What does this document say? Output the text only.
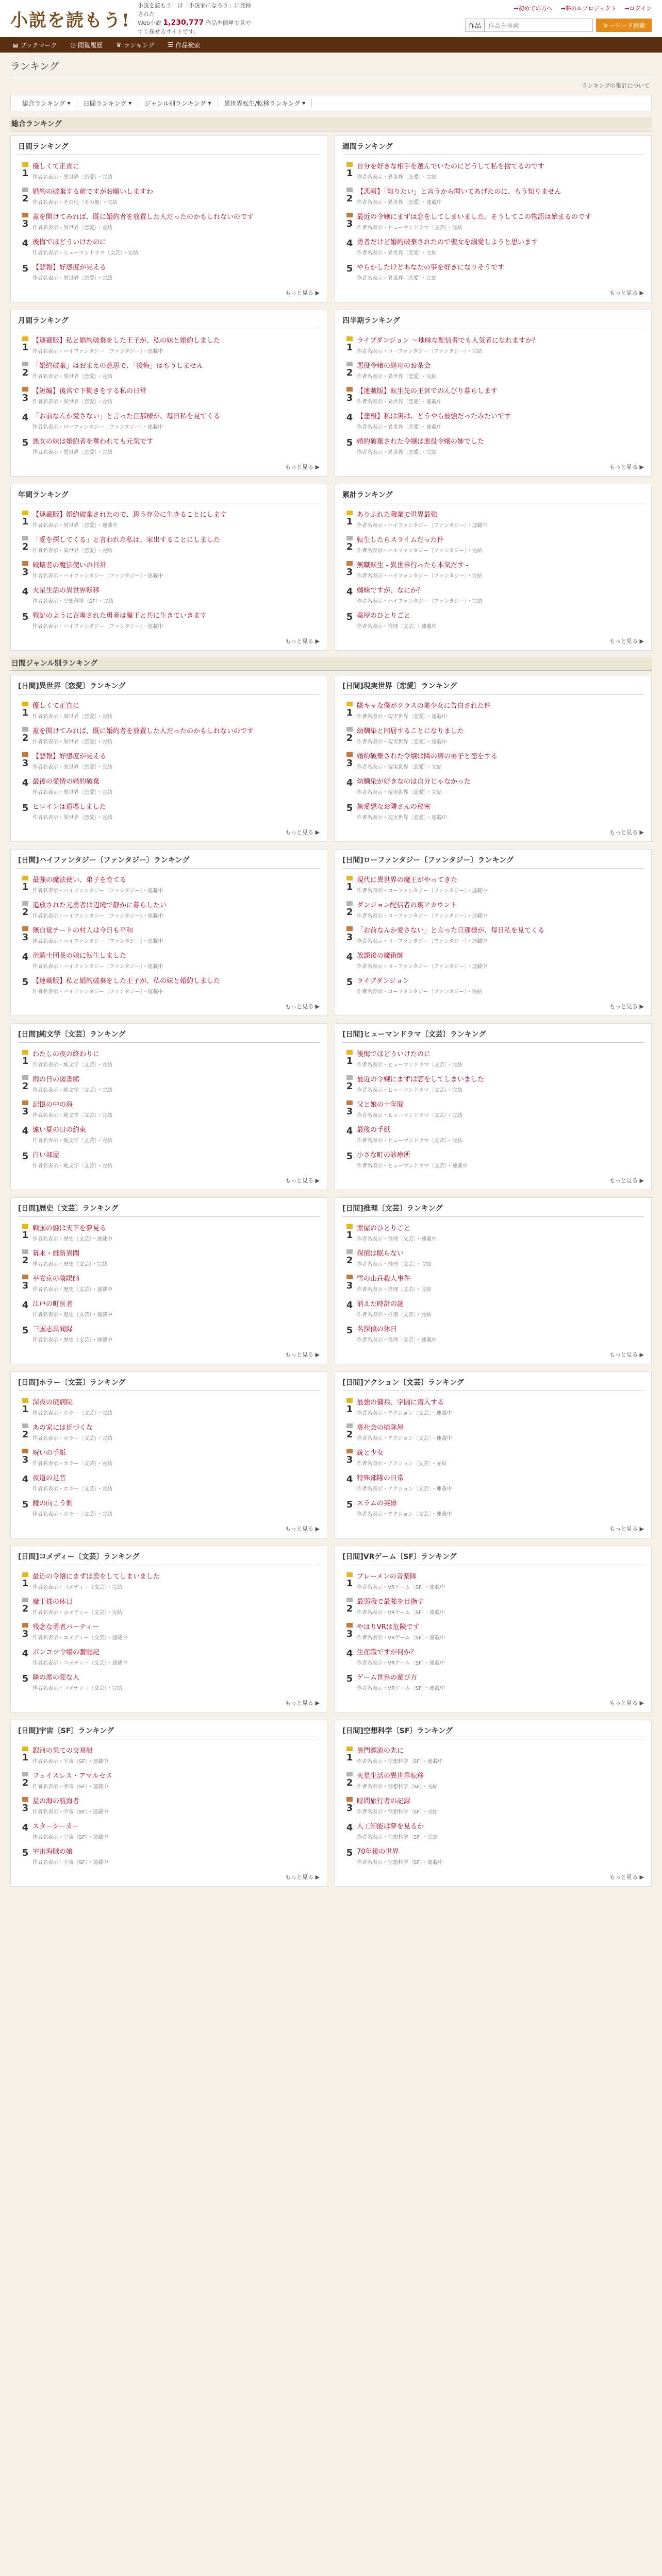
小説を読もう!
小説を読もう！は「小説家になろう」に登録された
Web小説 1,230,777 作品を簡単で見やすく探せるサイトです。
→初めての方へ →夢のルプロジェクト →ログイン
作品	作品を検索	キーワード検索
▤ ブックマーク ◷ 閲覧履歴 ♛ ランキング ☰ 作品検索
ランキング
ランキングの集計について
総合ランキング ▾ 日間ランキング ▾ ジャンル別ランキング ▾ 異世界転生/転移ランキング ▾
総合ランキング
日間ランキング
1
優しくて正直に
作者名表示・異世界〔恋愛〕・完結
2
婚約の破棄する前ですがお願いしますわ
作者名表示・その他〔その他〕・完結
3
蓋を開けてみれば、既に婚約者を放置した人だったのかもしれないのです
作者名表示・異世界〔恋愛〕・完結
4 後悔でほどういけたのに
作者名表示・ヒューマンドラマ〔文芸〕・完結
5 【悲報】好感度が見える
作者名表示・異世界〔恋愛〕・完結
もっと見る ▶
週間ランキング
1
自分を好きな相手を選んでいたのにどうして私を捨てるのです
作者名表示・異世界〔恋愛〕・完結
2
【悲報】「知りたい」と言うから聞いてあげたのに、もう知りません
作者名表示・異世界〔恋愛〕・連載中
3
最近の令嬢にまずは恋をしてしまいました。そうしてこの物語は始まるのです
作者名表示・ヒューマンドラマ〔文芸〕・完結
4 勇者だけど婚約破棄されたので聖女を溺愛しようと思います
作者名表示・異世界〔恋愛〕・完結
5 やらかしたけどあなたの事を好きになりそうです
作者名表示・異世界〔恋愛〕・完結
もっと見る ▶
月間ランキング
1
【連載版】私と婚約破棄をした王子が、私の妹と婚約しました
作者名表示・ハイファンタジー〔ファンタジー〕・連載中
2
「婚約破棄」はおまえの意思で、「後悔」はもうしません
作者名表示・異世界〔恋愛〕・完結
3
【短編】後宮で下働きをする私の日常
作者名表示・異世界〔恋愛〕・完結
4 「お前なんか愛さない」と言った旦那様が、毎日私を見てくる
作者名表示・ローファンタジー〔ファンタジー〕・連載中
5 悪女の妹は婚約者を奪われても元気です
作者名表示・異世界〔恋愛〕・完結
もっと見る ▶
四半期ランキング
1
ライブダンジョン ～地味な配信者でも人気者になれますか？
作者名表示・ローファンタジー〔ファンタジー〕・完結
2
悪役令嬢の継母のお茶会
作者名表示・異世界〔恋愛〕・完結
3
【連載版】転生先の王宮でのんびり暮らします
作者名表示・異世界〔恋愛〕・連載中
4 【悲報】私は実は、どうやら最強だったみたいです
作者名表示・異世界〔恋愛〕・連載中
5 婚約破棄された令嬢は悪役令嬢の姉でした
作者名表示・異世界〔恋愛〕・完結
もっと見る ▶
年間ランキング
1
【連載版】婚約破棄されたので、思う存分に生きることにします
作者名表示・異世界〔恋愛〕・連載中
2
「愛を探してくる」と言われた私は、家出することにしました
作者名表示・異世界〔恋愛〕・完結
3
破壊者の魔法使いの日常
作者名表示・ハイファンタジー〔ファンタジー〕・連載中
4 火星生活の異世界転移
作者名表示・空想科学〔SF〕・完結
5 戦記のように召喚された勇者は魔王と共に生きていきます
作者名表示・ハイファンタジー〔ファンタジー〕・連載中
もっと見る ▶
累計ランキング
1
ありふれた職業で世界最強
作者名表示・ハイファンタジー〔ファンタジー〕・連載中
2
転生したらスライムだった件
作者名表示・ハイファンタジー〔ファンタジー〕・完結
3
無職転生 - 異世界行ったら本気だす -
作者名表示・ハイファンタジー〔ファンタジー〕・完結
4 蜘蛛ですが、なにか？
作者名表示・ハイファンタジー〔ファンタジー〕・完結
5 薬屋のひとりごと
作者名表示・推理〔文芸〕・連載中
もっと見る ▶
日間ジャンル別ランキング
[日間]異世界〔恋愛〕ランキング
1
優しくて正直に
作者名表示・異世界〔恋愛〕・完結
2
蓋を開けてみれば、既に婚約者を放置した人だったのかもしれないのです
作者名表示・異世界〔恋愛〕・完結
3
【悲報】好感度が見える
作者名表示・異世界〔恋愛〕・完結
4 最後の愛情の婚約破棄
作者名表示・異世界〔恋愛〕・完結
5 ヒロインは退場しました
作者名表示・異世界〔恋愛〕・完結
もっと見る ▶
[日間]現実世界〔恋愛〕ランキング
1
陰キャな僕がクラスの美少女に告白された件
作者名表示・現実世界〔恋愛〕・連載中
2
幼馴染と同居することになりました
作者名表示・現実世界〔恋愛〕・連載中
3
婚約破棄された令嬢は隣の席の男子と恋をする
作者名表示・現実世界〔恋愛〕・完結
4 幼馴染が好きなのは自分じゃなかった
作者名表示・現実世界〔恋愛〕・完結
5 無愛想なお隣さんの秘密
作者名表示・現実世界〔恋愛〕・連載中
もっと見る ▶
[日間]ハイファンタジー〔ファンタジー〕ランキング
1
最強の魔法使い、弟子を育てる
作者名表示・ハイファンタジー〔ファンタジー〕・連載中
2
追放された元勇者は辺境で静かに暮らしたい
作者名表示・ハイファンタジー〔ファンタジー〕・連載中
3
無自覚チートの村人は今日も平和
作者名表示・ハイファンタジー〔ファンタジー〕・連載中
4 竜騎士団長の娘に転生しました
作者名表示・ハイファンタジー〔ファンタジー〕・連載中
5 【連載版】私と婚約破棄をした王子が、私の妹と婚約しました
作者名表示・ハイファンタジー〔ファンタジー〕・連載中
もっと見る ▶
[日間]ローファンタジー〔ファンタジー〕ランキング
1
現代に異世界の魔王がやってきた
作者名表示・ローファンタジー〔ファンタジー〕・連載中
2
ダンジョン配信者の裏アカウント
作者名表示・ローファンタジー〔ファンタジー〕・連載中
3
「お前なんか愛さない」と言った旦那様が、毎日私を見てくる
作者名表示・ローファンタジー〔ファンタジー〕・連載中
4 放課後の魔術師
作者名表示・ローファンタジー〔ファンタジー〕・連載中
5 ライブダンジョン
作者名表示・ローファンタジー〔ファンタジー〕・完結
もっと見る ▶
[日間]純文学〔文芸〕ランキング
1
わたしの夜の終わりに
作者名表示・純文学〔文芸〕・完結
2
雨の日の図書館
作者名表示・純文学〔文芸〕・完結
3
記憶の中の海
作者名表示・純文学〔文芸〕・完結
4 遠い夏の日の約束
作者名表示・純文学〔文芸〕・完結
5 白い部屋
作者名表示・純文学〔文芸〕・完結
もっと見る ▶
[日間]ヒューマンドラマ〔文芸〕ランキング
1
後悔でほどういけたのに
作者名表示・ヒューマンドラマ〔文芸〕・完結
2
最近の令嬢にまずは恋をしてしまいました
作者名表示・ヒューマンドラマ〔文芸〕・完結
3
父と娘の十年間
作者名表示・ヒューマンドラマ〔文芸〕・完結
4 最後の手紙
作者名表示・ヒューマンドラマ〔文芸〕・完結
5 小さな町の診療所
作者名表示・ヒューマンドラマ〔文芸〕・連載中
もっと見る ▶
[日間]歴史〔文芸〕ランキング
1
戦国の姫は天下を夢見る
作者名表示・歴史〔文芸〕・連載中
2
幕末・維新異聞
作者名表示・歴史〔文芸〕・完結
3
平安京の陰陽師
作者名表示・歴史〔文芸〕・連載中
4 江戸の町医者
作者名表示・歴史〔文芸〕・連載中
5 三国志異聞録
作者名表示・歴史〔文芸〕・連載中
もっと見る ▶
[日間]推理〔文芸〕ランキング
1
薬屋のひとりごと
作者名表示・推理〔文芸〕・連載中
2
探偵は眠らない
作者名表示・推理〔文芸〕・完結
3
雪の山荘殺人事件
作者名表示・推理〔文芸〕・完結
4 消えた時計の謎
作者名表示・推理〔文芸〕・完結
5 名探偵の休日
作者名表示・推理〔文芸〕・連載中
もっと見る ▶
[日間]ホラー〔文芸〕ランキング
1
深夜の廃病院
作者名表示・ホラー〔文芸〕・完結
2
あの家には近づくな
作者名表示・ホラー〔文芸〕・完結
3
呪いの手紙
作者名表示・ホラー〔文芸〕・完結
4 夜道の足音
作者名表示・ホラー〔文芸〕・完結
5 鏡の向こう側
作者名表示・ホラー〔文芸〕・完結
もっと見る ▶
[日間]アクション〔文芸〕ランキング
1
最強の傭兵、学園に潜入する
作者名表示・アクション〔文芸〕・連載中
2
裏社会の掃除屋
作者名表示・アクション〔文芸〕・連載中
3
銃と少女
作者名表示・アクション〔文芸〕・完結
4 特殊部隊の日常
作者名表示・アクション〔文芸〕・連載中
5 スラムの英雄
作者名表示・アクション〔文芸〕・連載中
もっと見る ▶
[日間]コメディー〔文芸〕ランキング
1
最近の令嬢にまずは恋をしてしまいました
作者名表示・コメディー〔文芸〕・完結
2
魔王様の休日
作者名表示・コメディー〔文芸〕・完結
3
残念な勇者パーティー
作者名表示・コメディー〔文芸〕・連載中
4 ポンコツ令嬢の奮闘記
作者名表示・コメディー〔文芸〕・連載中
5 隣の席の変な人
作者名表示・コメディー〔文芸〕・完結
もっと見る ▶
[日間]VRゲーム〔SF〕ランキング
1
ブレーメンの音楽隊
作者名表示・VRゲーム〔SF〕・連載中
2
最弱職で最強を目指す
作者名表示・VRゲーム〔SF〕・連載中
3
やはりVRは危険です
作者名表示・VRゲーム〔SF〕・連載中
4 生産職ですが何か？
作者名表示・VRゲーム〔SF〕・連載中
5 ゲーム世界の遊び方
作者名表示・VRゲーム〔SF〕・連載中
もっと見る ▶
[日間]宇宙〔SF〕ランキング
1
銀河の果ての交易船
作者名表示・宇宙〔SF〕・連載中
2
フェイスレス・アマルセス
作者名表示・宇宙〔SF〕・連載中
3
星の海の航海者
作者名表示・宇宙〔SF〕・連載中
4 スターシーカー
作者名表示・宇宙〔SF〕・連載中
5 宇宙海賊の娘
作者名表示・宇宙〔SF〕・連載中
もっと見る ▶
[日間]空想科学〔SF〕ランキング
1
異門漂流の先に
作者名表示・空想科学〔SF〕・連載中
2
火星生活の異世界転移
作者名表示・空想科学〔SF〕・完結
3
時間旅行者の記録
作者名表示・空想科学〔SF〕・完結
4 人工知能は夢を見るか
作者名表示・空想科学〔SF〕・完結
5 70年後の世界
作者名表示・空想科学〔SF〕・連載中
もっと見る ▶
